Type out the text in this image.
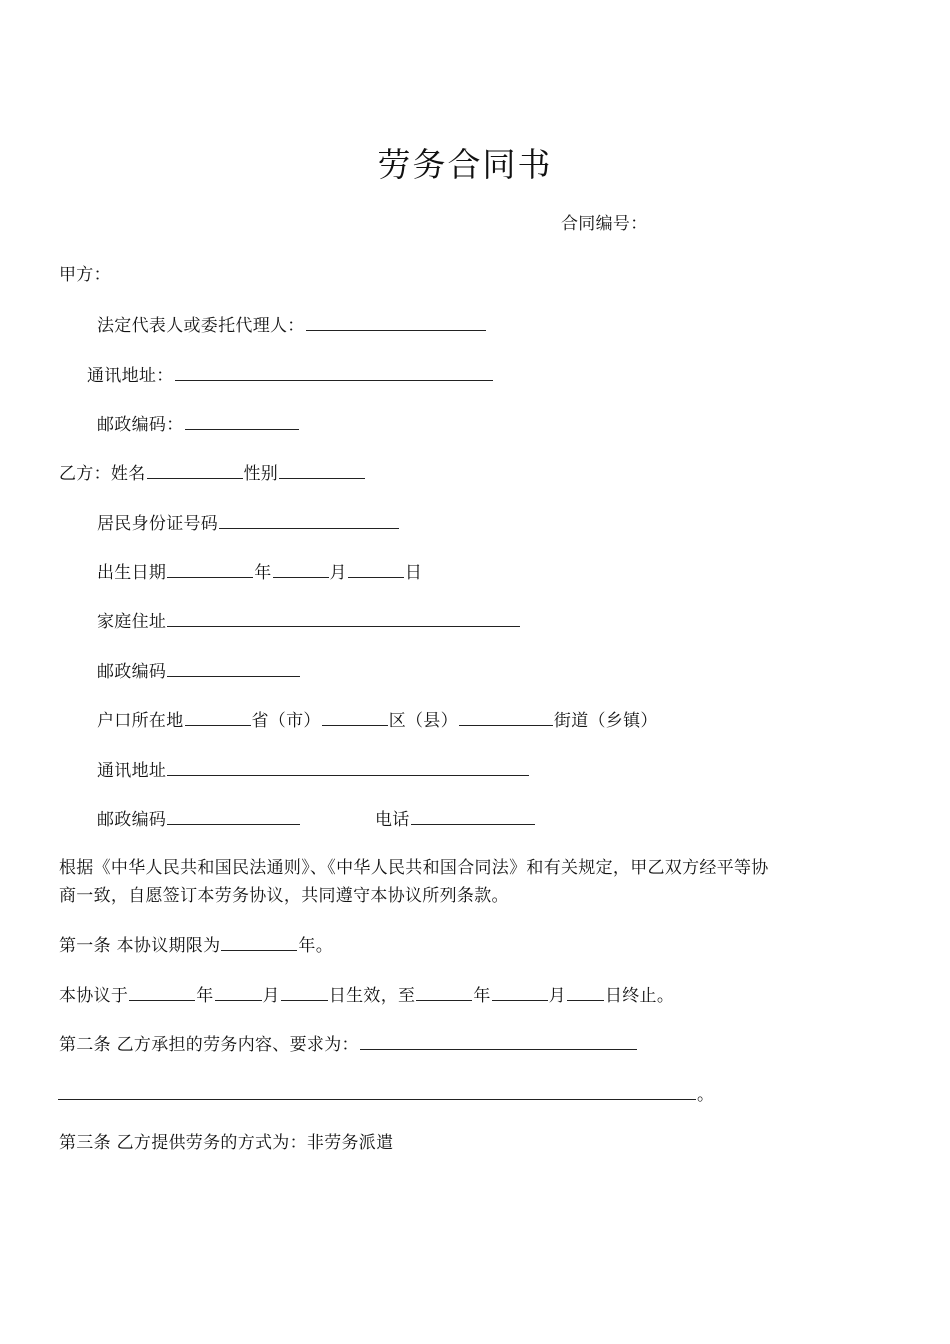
劳务合同书
合同编号：
甲方：
法定代表人或委托代理人：
通讯地址：
邮政编码：
乙方：姓名	性别
居民身份证号码
出生日期	年	月	日
家庭住址
邮政编码
户口所在地	省（市）	区（县）	街道（乡镇）
通讯地址
邮政编码	电话
根据《中华人民共和国民法通则》、《中华人民共和国合同法》和有关规定，甲乙双方经平等协
商一致，自愿签订本劳务协议，共同遵守本协议所列条款。
第一条 本协议期限为	年。
本协议于	年	月	日生效，至	年	月 日终止。
第二条 乙方承担的劳务内容、要求为：
。
第三条 乙方提供劳务的方式为：非劳务派遣
